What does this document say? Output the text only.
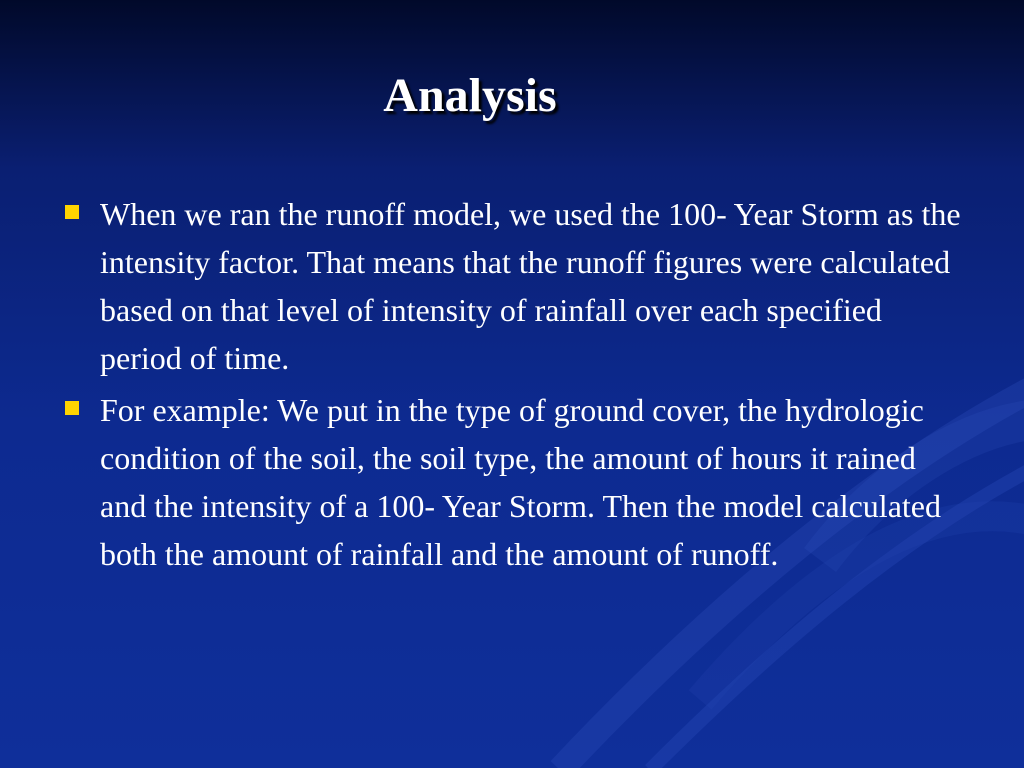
Analysis
When we ran the runoff model, we used the 100- Year Storm as the intensity factor. That means that the runoff figures were calculated based on that level of intensity of rainfall over each specified period of time.
For example: We put in the type of ground cover, the hydrologic condition of the soil, the soil type, the amount of hours it rained and the intensity of a 100- Year Storm. Then the model calculated both the amount of rainfall and the amount of runoff.
